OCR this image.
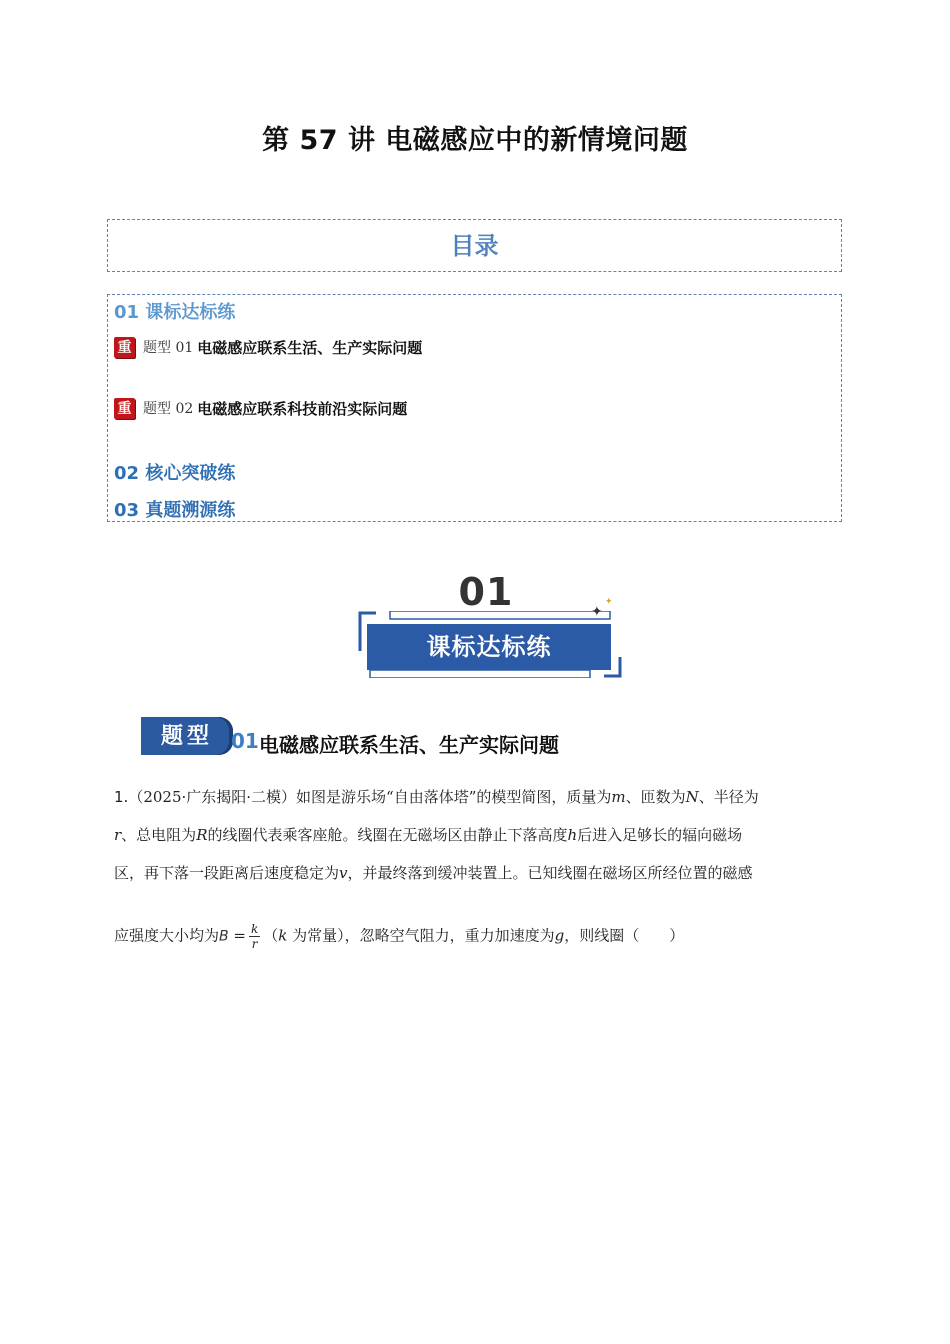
第 57 讲 电磁感应中的新情境问题
目录
01 课标达标练
重 题型 01 电磁感应联系生活、生产实际问题
重 题型 02 电磁感应联系科技前沿实际问题
02 核心突破练
03 真题溯源练
01
课标达标练
✦
✦
题型 01 电磁感应联系生活、生产实际问题
1.（2025·广东揭阳·二模）如图是游乐场“自由落体塔”的模型简图，质量为m、匝数为N、半径为
r、总电阻为R的线圈代表乘客座舱。线圈在无磁场区由静止下落高度h后进入足够长的辐向磁场
区，再下落一段距离后速度稳定为v，并最终落到缓冲装置上。已知线圈在磁场区所经位置的磁感
应强度大小均为$B = \frac{k}{r} (k$ 为常量），忽略空气阻力，重力加速度为g，则线圈（　　）
